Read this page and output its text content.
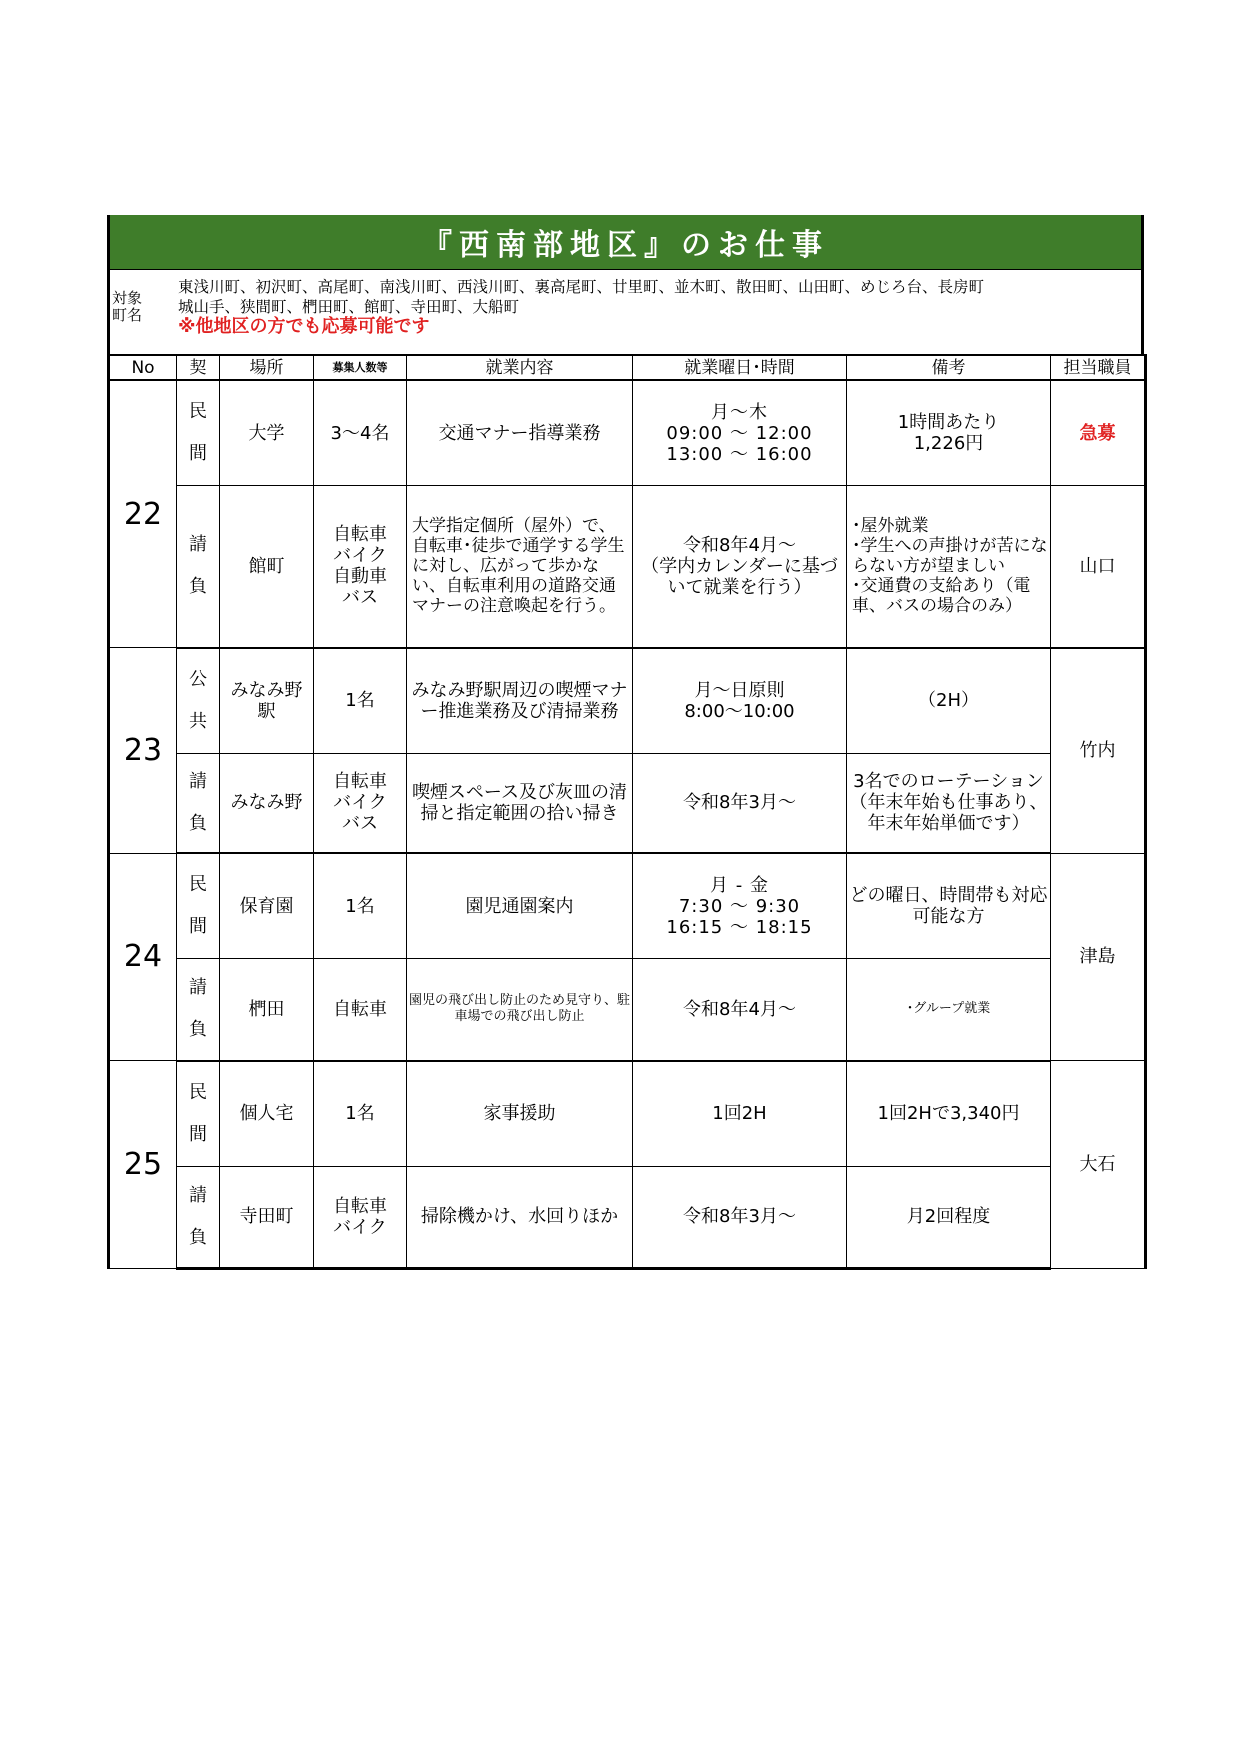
『西南部地区』のお仕事
対象
町名
東浅川町、初沢町、高尾町、南浅川町、西浅川町、裏高尾町、廿里町、並木町、散田町、山田町、めじろ台、長房町
城山手、狭間町、椚田町、館町、寺田町、大船町
※他地区の方でも応募可能です
No	契	場所	募集人数等	就業内容	就業曜日･時間	備考	担当職員
22	民
間	大学	3～4名	交通マナー指導業務	月～木
09:00 ～ 12:00
13:00 ～ 16:00	1時間あたり
1,226円	急募
	請
負	館町	自転車
バイク
自動車
バス	大学指定個所（屋外）で、自転車･徒歩で通学する学生に対し、広がって歩かない、自転車利用の道路交通マナーの注意喚起を行う。	令和8年4月～
（学内カレンダーに基づいて就業を行う）	･屋外就業
･学生への声掛けが苦にならない方が望ましい
･交通費の支給あり（電車、バスの場合のみ）	山口
23	公
共	みなみ野
駅	1名	みなみ野駅周辺の喫煙マナー推進業務及び清掃業務	月～日原則
8:00～10:00	（2H）	竹内
	請
負	みなみ野	自転車
バイク
バス	喫煙スペース及び灰皿の清掃と指定範囲の拾い掃き	令和8年3月～	3名でのローテーション（年末年始も仕事あり、年末年始単価です）	
24	民
間	保育園	1名	園児通園案内	月 - 金
7:30 ～ 9:30
16:15 ～ 18:15	どの曜日、時間帯も対応可能な方	津島
	請
負	椚田	自転車	園児の飛び出し防止のため見守り、駐車場での飛び出し防止	令和8年4月～	･グループ就業	
25	民
間	個人宅	1名	家事援助	1回2H	1回2Hで3,340円	大石
	請
負	寺田町	自転車
バイク	掃除機かけ、水回りほか	令和8年3月～	月2回程度	
